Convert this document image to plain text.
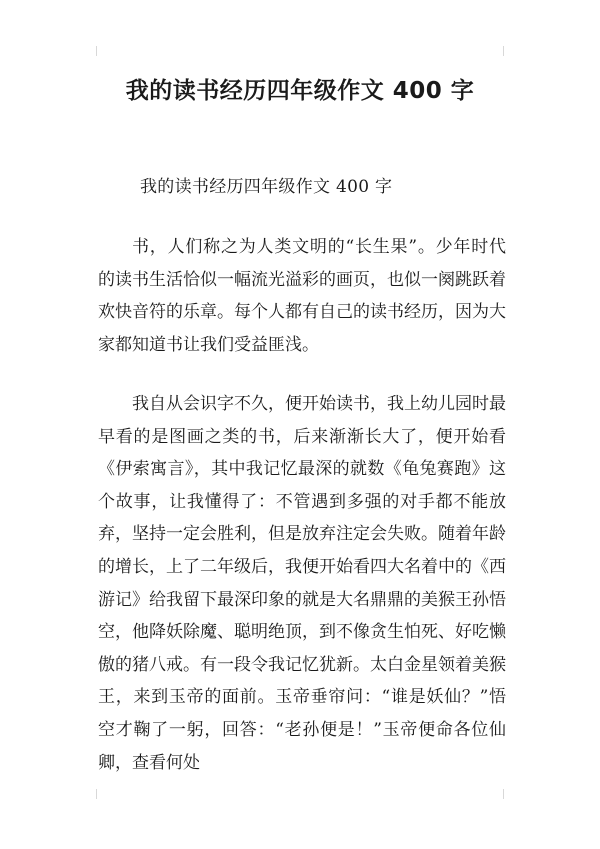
我的读书经历四年级作文 400 字

我的读书经历四年级作文 400 字

书，人们称之为人类文明的“长生果”。少年时代的读书生活恰似一幅流光溢彩的画页，也似一阕跳跃着欢快音符的乐章。每个人都有自己的读书经历，因为大家都知道书让我们受益匪浅。

我自从会识字不久，便开始读书，我上幼儿园时最早看的是图画之类的书，后来渐渐长大了，便开始看《伊索寓言》，其中我记忆最深的就数《龟兔赛跑》这个故事，让我懂得了：不管遇到多强的对手都不能放弃，坚持一定会胜利，但是放弃注定会失败。随着年龄的增长，上了二年级后，我便开始看四大名着中的《西游记》给我留下最深印象的就是大名鼎鼎的美猴王孙悟空，他降妖除魔、聪明绝顶，到不像贪生怕死、好吃懒傲的猪八戒。有一段令我记忆犹新。太白金星领着美猴王，来到玉帝的面前。玉帝垂帘问：“谁是妖仙？”悟空才鞠了一躬，回答：“老孙便是！”玉帝便命各位仙卿，查看何处
